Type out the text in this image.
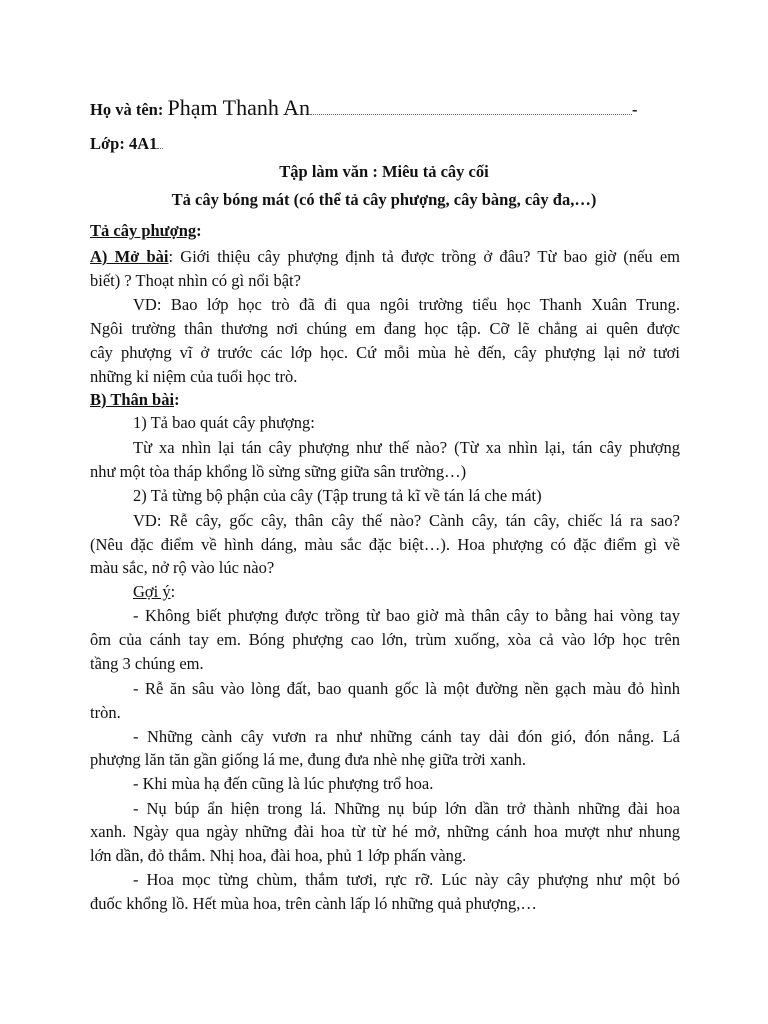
Họ và tên: Phạm Thanh An	-
Lớp: 4A1
Tập làm văn : Miêu tả cây cối
Tả cây bóng mát (có thể tả cây phượng, cây bàng, cây đa,…)
Tả cây phượng:
A) Mở bài: Giới thiệu cây phượng định tả được trồng ở đâu? Từ bao giờ (nếu em
biết) ? Thoạt nhìn có gì nổi bật?
VD: Bao lớp học trò đã đi qua ngôi trường tiểu học Thanh Xuân Trung.
Ngôi trường thân thương nơi chúng em đang học tập. Cỡ lẽ chẳng ai quên được
cây phượng vĩ ở trước các lớp học. Cứ mỗi mùa hè đến, cây phượng lại nở tươi
những kỉ niệm của tuổi học trò.
B) Thân bài:
1) Tả bao quát cây phượng:
Từ xa nhìn lại tán cây phượng như thế nào? (Từ xa nhìn lại, tán cây phượng
như một tòa tháp khổng lồ sừng sững giữa sân trường…)
2) Tả từng bộ phận của cây (Tập trung tả kĩ về tán lá che mát)
VD: Rễ cây, gốc cây, thân cây thế nào? Cành cây, tán cây, chiếc lá ra sao?
(Nêu đặc điểm về hình dáng, màu sắc đặc biệt…). Hoa phượng có đặc điểm gì về
màu sắc, nở rộ vào lúc nào?
Gợi ý:
- Không biết phượng được trồng từ bao giờ mà thân cây to bằng hai vòng tay
ôm của cánh tay em. Bóng phượng cao lớn, trùm xuống, xòa cả vào lớp học trên
tầng 3 chúng em.
- Rễ ăn sâu vào lòng đất, bao quanh gốc là một đường nền gạch màu đỏ hình
tròn.
- Những cành cây vươn ra như những cánh tay dài đón gió, đón nắng. Lá
phượng lăn tăn gần giống lá me, đung đưa nhè nhẹ giữa trời xanh.
- Khi mùa hạ đến cũng là lúc phượng trổ hoa.
- Nụ búp ẩn hiện trong lá. Những nụ búp lớn dần trở thành những đài hoa
xanh. Ngày qua ngày những đài hoa từ từ hé mở, những cánh hoa mượt như nhung
lớn dần, đỏ thắm. Nhị hoa, đài hoa, phủ 1 lớp phấn vàng.
- Hoa mọc từng chùm, thắm tươi, rực rỡ. Lúc này cây phượng như một bó
đuốc khổng lồ. Hết mùa hoa, trên cành lấp ló những quả phượng,…
